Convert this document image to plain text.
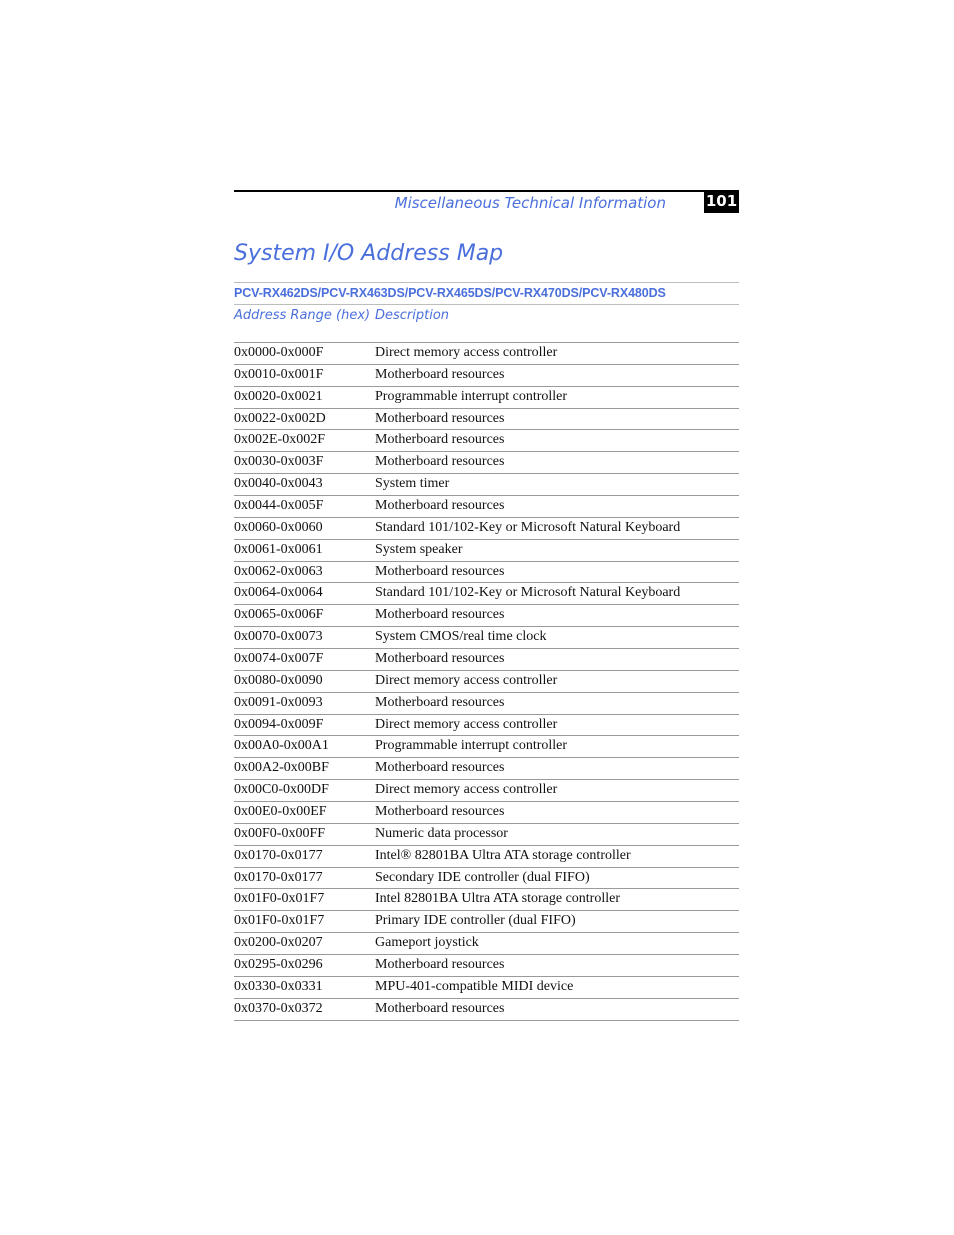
Miscellaneous Technical Information	101
System I/O Address Map
PCV-RX462DS/PCV-RX463DS/PCV-RX465DS/PCV-RX470DS/PCV-RX480DS
Address Range (hex) Description
0x0000-0x000F	Direct memory access controller
0x0010-0x001F	Motherboard resources
0x0020-0x0021	Programmable interrupt controller
0x0022-0x002D	Motherboard resources
0x002E-0x002F	Motherboard resources
0x0030-0x003F	Motherboard resources
0x0040-0x0043	System timer
0x0044-0x005F	Motherboard resources
0x0060-0x0060	Standard 101/102-Key or Microsoft Natural Keyboard
0x0061-0x0061	System speaker
0x0062-0x0063	Motherboard resources
0x0064-0x0064	Standard 101/102-Key or Microsoft Natural Keyboard
0x0065-0x006F	Motherboard resources
0x0070-0x0073	System CMOS/real time clock
0x0074-0x007F	Motherboard resources
0x0080-0x0090	Direct memory access controller
0x0091-0x0093	Motherboard resources
0x0094-0x009F	Direct memory access controller
0x00A0-0x00A1	Programmable interrupt controller
0x00A2-0x00BF	Motherboard resources
0x00C0-0x00DF	Direct memory access controller
0x00E0-0x00EF	Motherboard resources
0x00F0-0x00FF	Numeric data processor
0x0170-0x0177	Intel® 82801BA Ultra ATA storage controller
0x0170-0x0177	Secondary IDE controller (dual FIFO)
0x01F0-0x01F7	Intel 82801BA Ultra ATA storage controller
0x01F0-0x01F7	Primary IDE controller (dual FIFO)
0x0200-0x0207	Gameport joystick
0x0295-0x0296	Motherboard resources
0x0330-0x0331	MPU-401-compatible MIDI device
0x0370-0x0372	Motherboard resources
